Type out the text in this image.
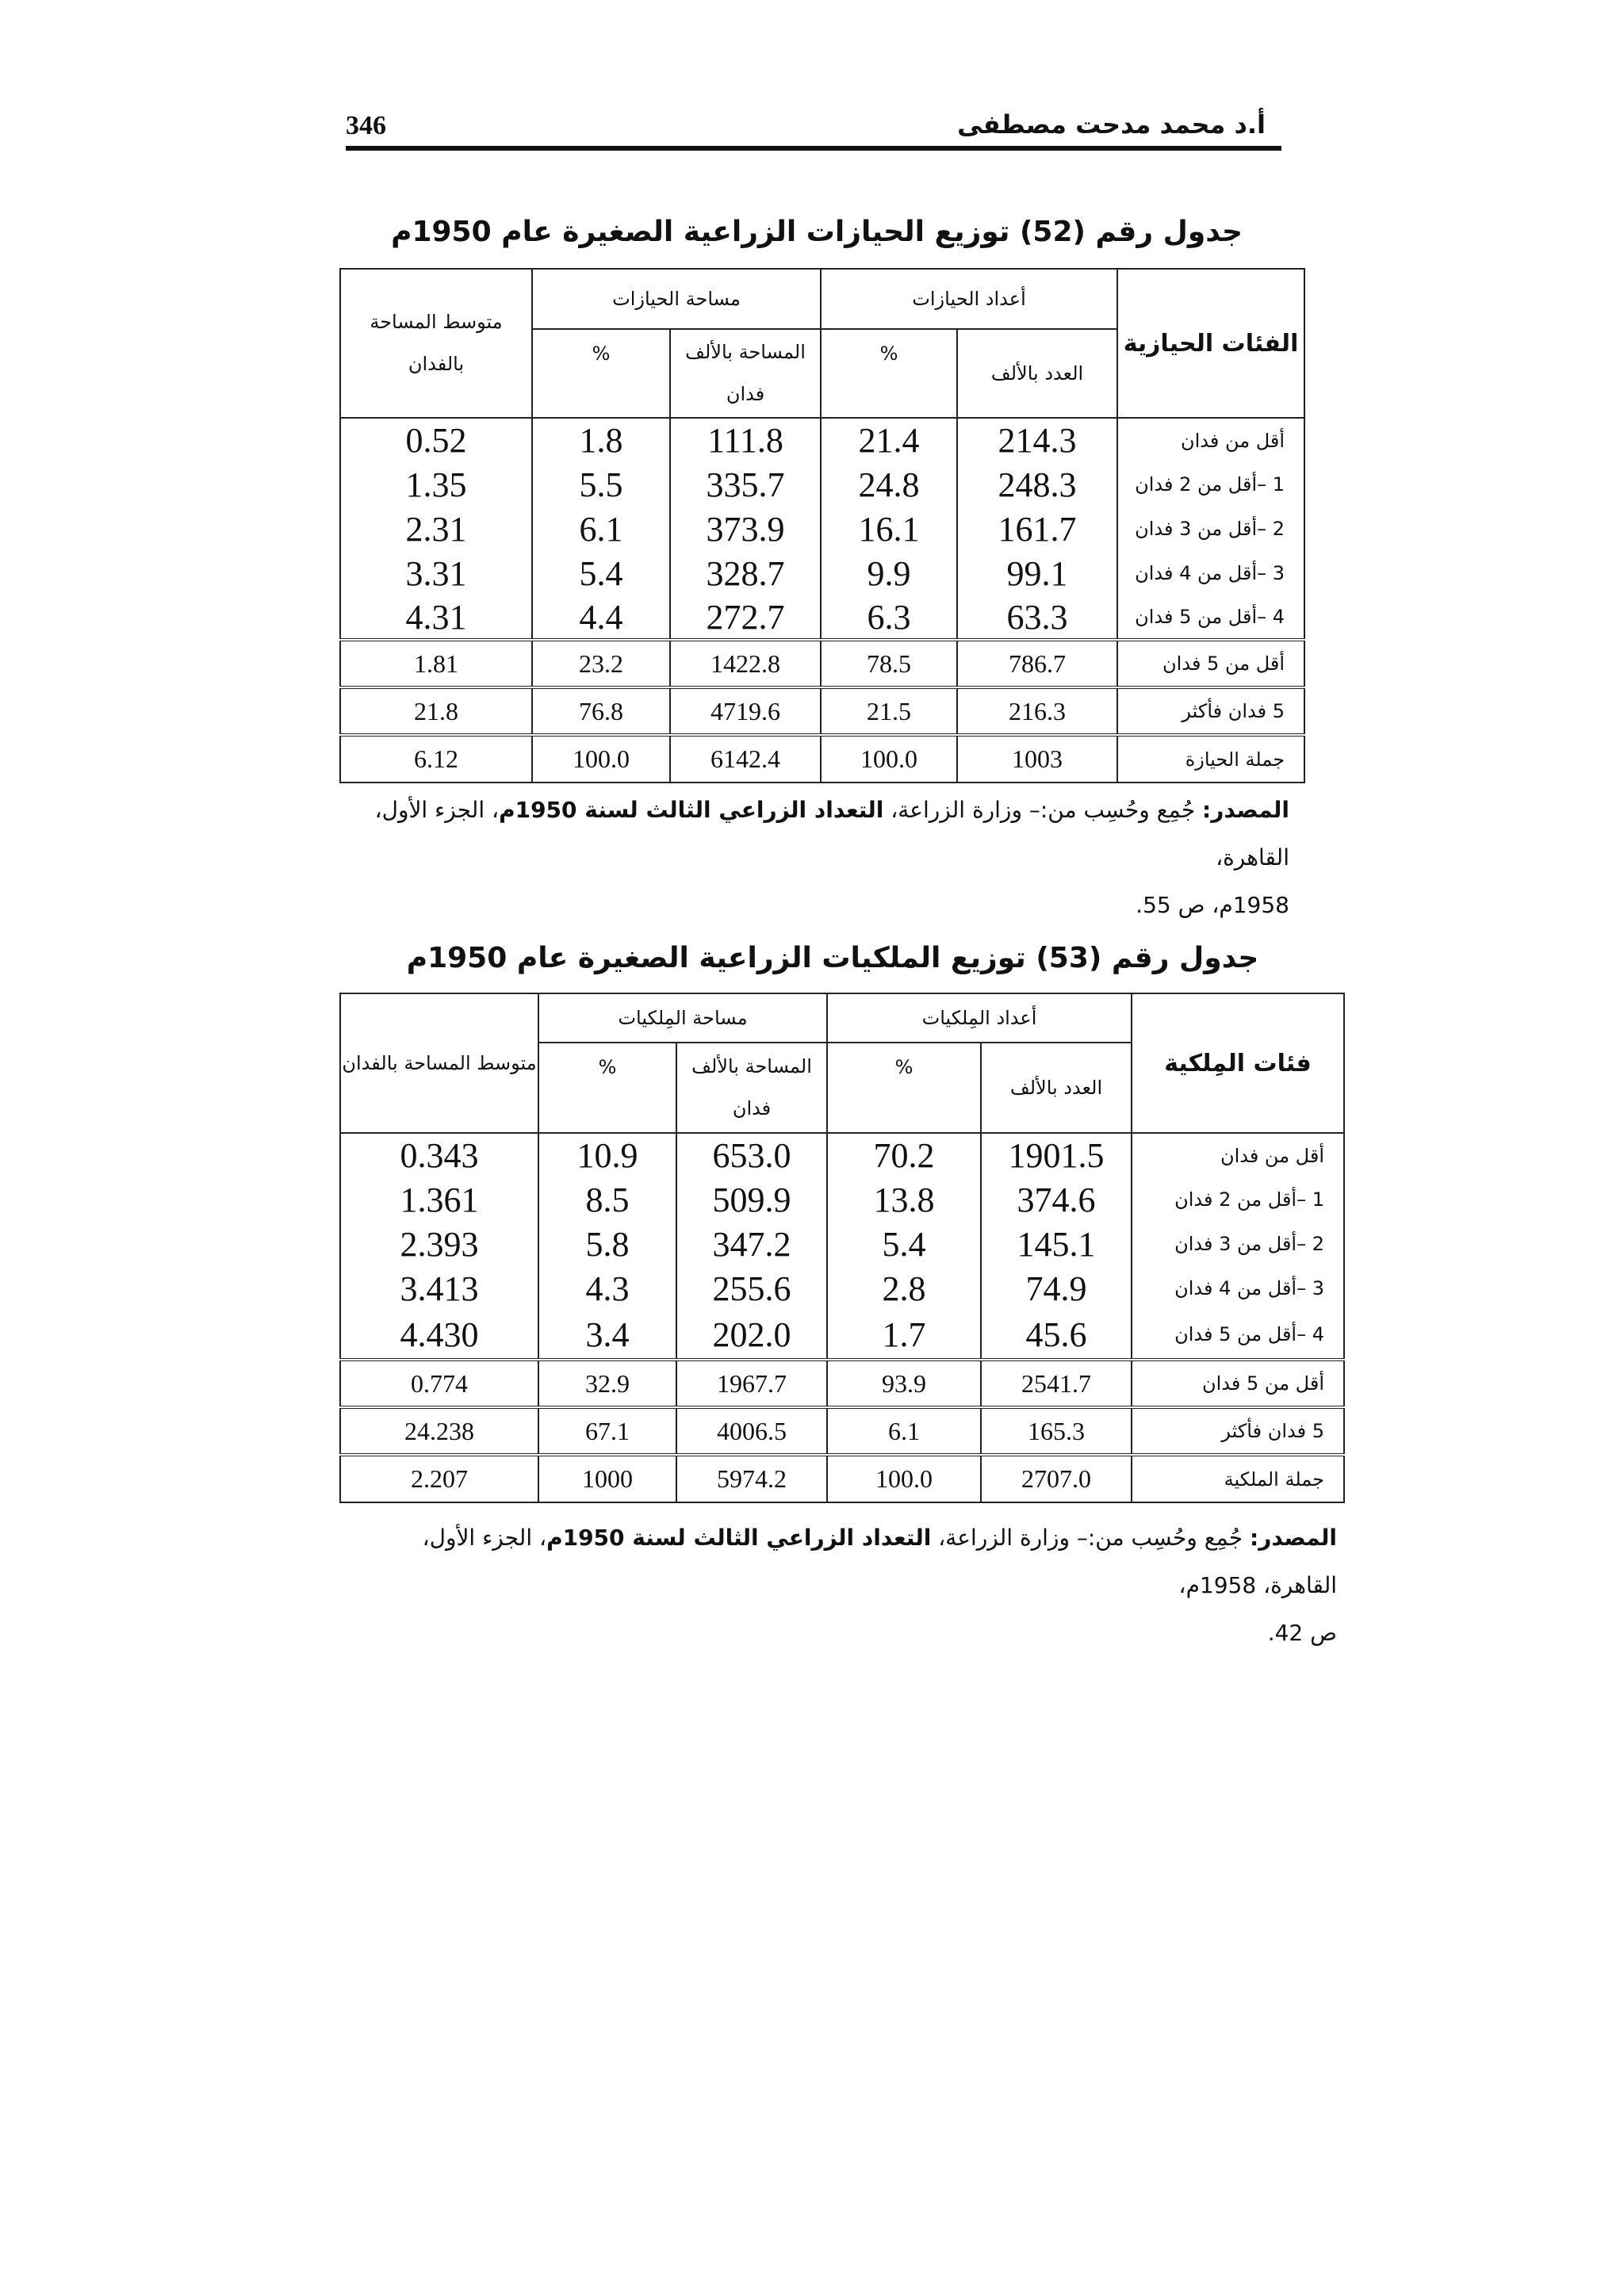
346	أ.د محمد مدحت مصطفى
جدول رقم (52) توزيع الحيازات الزراعية الصغيرة عام 1950م
الفئات الحيازية	أعداد الحيازات		مساحة الحيازات		متوسط المساحة بالفدان
	العدد بالألف	%	المساحة بالألف فدان	%	

أقل من فدان	214.3	21.4	111.8	1.8	0.52
1 –أقل من 2 فدان	248.3	24.8	335.7	5.5	1.35
2 –أقل من 3 فدان	161.7	16.1	373.9	6.1	2.31
3 –أقل من 4 فدان	99.1	9.9	328.7	5.4	3.31
4 –أقل من 5 فدان	63.3	6.3	272.7	4.4	4.31
أقل من 5 فدان	786.7	78.5	1422.8	23.2	1.81
5 فدان فأكثر	216.3	21.5	4719.6	76.8	21.8
جملة الحيازة	1003	100.0	6142.4	100.0	6.12
المصدر: جُمِع وحُسِب من:– وزارة الزراعة، التعداد الزراعي الثالث لسنة 1950م، الجزء الأول، القاهرة،
1958م، ص 55.
جدول رقم (53) توزيع الملكيات الزراعية الصغيرة عام 1950م
فئات المِلكية	أعداد المِلكيات		مساحة المِلكيات		متوسط المساحة بالفدان
	العدد بالألف	%	المساحة بالألف فدان	%	

أقل من فدان	1901.5	70.2	653.0	10.9	0.343
1 –أقل من 2 فدان	374.6	13.8	509.9	8.5	1.361
2 –أقل من 3 فدان	145.1	5.4	347.2	5.8	2.393
3 –أقل من 4 فدان	74.9	2.8	255.6	4.3	3.413
4 –أقل من 5 فدان	45.6	1.7	202.0	3.4	4.430
أقل من 5 فدان	2541.7	93.9	1967.7	32.9	0.774
5 فدان فأكثر	165.3	6.1	4006.5	67.1	24.238
جملة الملكية	2707.0	100.0	5974.2	1000	2.207
المصدر: جُمِع وحُسِب من:– وزارة الزراعة، التعداد الزراعي الثالث لسنة 1950م، الجزء الأول، القاهرة، 1958م،
ص 42.
